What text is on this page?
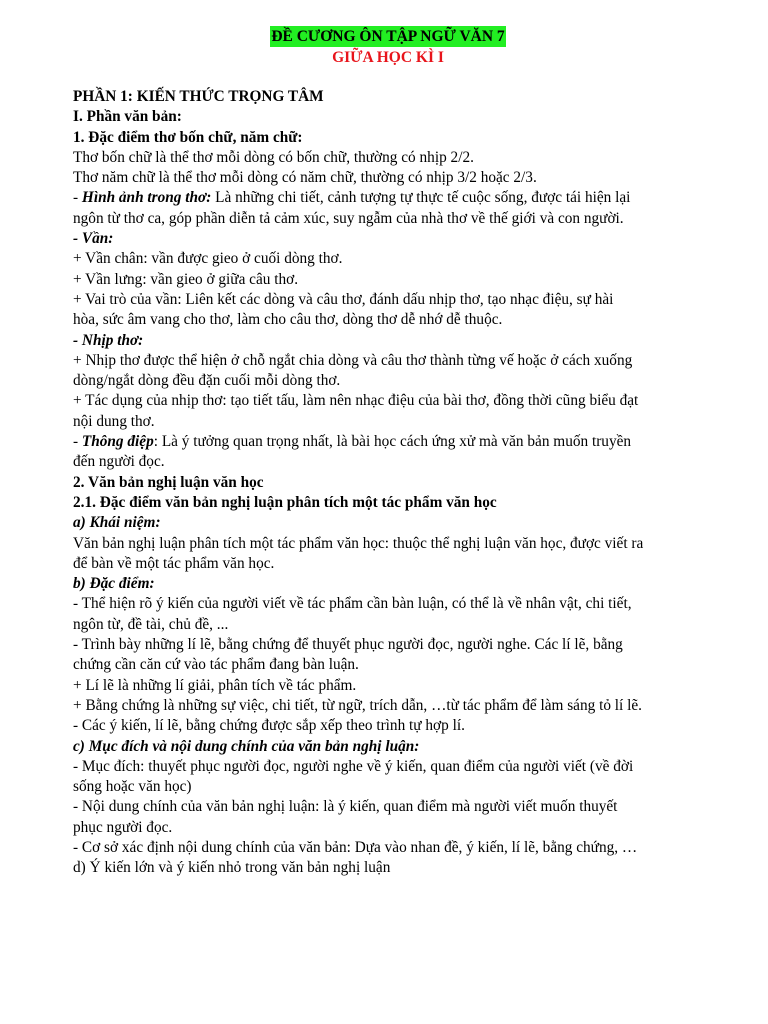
ĐỀ CƯƠNG ÔN TẬP NGỮ VĂN 7
GIỮA HỌC KÌ I
PHẦN 1: KIẾN THỨC TRỌNG TÂM
I. Phần văn bản:
1. Đặc điểm thơ bốn chữ, năm chữ:
Thơ bốn chữ là thể thơ mỗi dòng có bốn chữ, thường có nhịp 2/2.
Thơ năm chữ là thể thơ mỗi dòng có năm chữ, thường có nhịp 3/2 hoặc 2/3.
- Hình ảnh trong thơ: Là những chi tiết, cảnh tượng tự thực tế cuộc sống, được tái hiện lại
ngôn từ thơ ca, góp phần diễn tả cảm xúc, suy ngẫm của nhà thơ về thế giới và con người.
- Vần:
+ Vần chân: vần được gieo ở cuối dòng thơ.
+ Vần lưng: vần gieo ở giữa câu thơ.
+ Vai trò của vần: Liên kết các dòng và câu thơ, đánh dấu nhịp thơ, tạo nhạc điệu, sự hài
hòa, sức âm vang cho thơ, làm cho câu thơ, dòng thơ dễ nhớ dễ thuộc.
- Nhịp thơ:
+ Nhịp thơ được thể hiện ở chỗ ngắt chia dòng và câu thơ thành từng vế hoặc ở cách xuống
dòng/ngắt dòng đều đặn cuối mỗi dòng thơ.
+ Tác dụng của nhịp thơ: tạo tiết tấu, làm nên nhạc điệu của bài thơ, đồng thời cũng biểu đạt
nội dung thơ.
- Thông điệp: Là ý tưởng quan trọng nhất, là bài học cách ứng xử mà văn bản muốn truyền
đến người đọc.
2. Văn bản nghị luận văn học
2.1. Đặc điểm văn bản nghị luận phân tích một tác phẩm văn học
a) Khái niệm:
Văn bản nghị luận phân tích một tác phẩm văn học: thuộc thể nghị luận văn học, được viết ra
để bàn về một tác phẩm văn học.
b) Đặc điểm:
- Thể hiện rõ ý kiến của người viết về tác phẩm cần bàn luận, có thể là về nhân vật, chi tiết,
ngôn từ, đề tài, chủ đề, ...
- Trình bày những lí lẽ, bằng chứng để thuyết phục người đọc, người nghe. Các lí lẽ, bằng
chứng cần căn cứ vào tác phẩm đang bàn luận.
+ Lí lẽ là những lí giải, phân tích về tác phẩm.
+ Bằng chứng là những sự việc, chi tiết, từ ngữ, trích dẫn, …từ tác phẩm để làm sáng tỏ lí lẽ.
- Các ý kiến, lí lẽ, bằng chứng được sắp xếp theo trình tự hợp lí.
c) Mục đích và nội dung chính của văn bản nghị luận:
- Mục đích: thuyết phục người đọc, người nghe về ý kiến, quan điểm của người viết (về đời
sống hoặc văn học)
- Nội dung chính của văn bản nghị luận: là ý kiến, quan điểm mà người viết muốn thuyết
phục người đọc.
- Cơ sở xác định nội dung chính của văn bản: Dựa vào nhan đề, ý kiến, lí lẽ, bằng chứng, …
d) Ý kiến lớn và ý kiến nhỏ trong văn bản nghị luận
